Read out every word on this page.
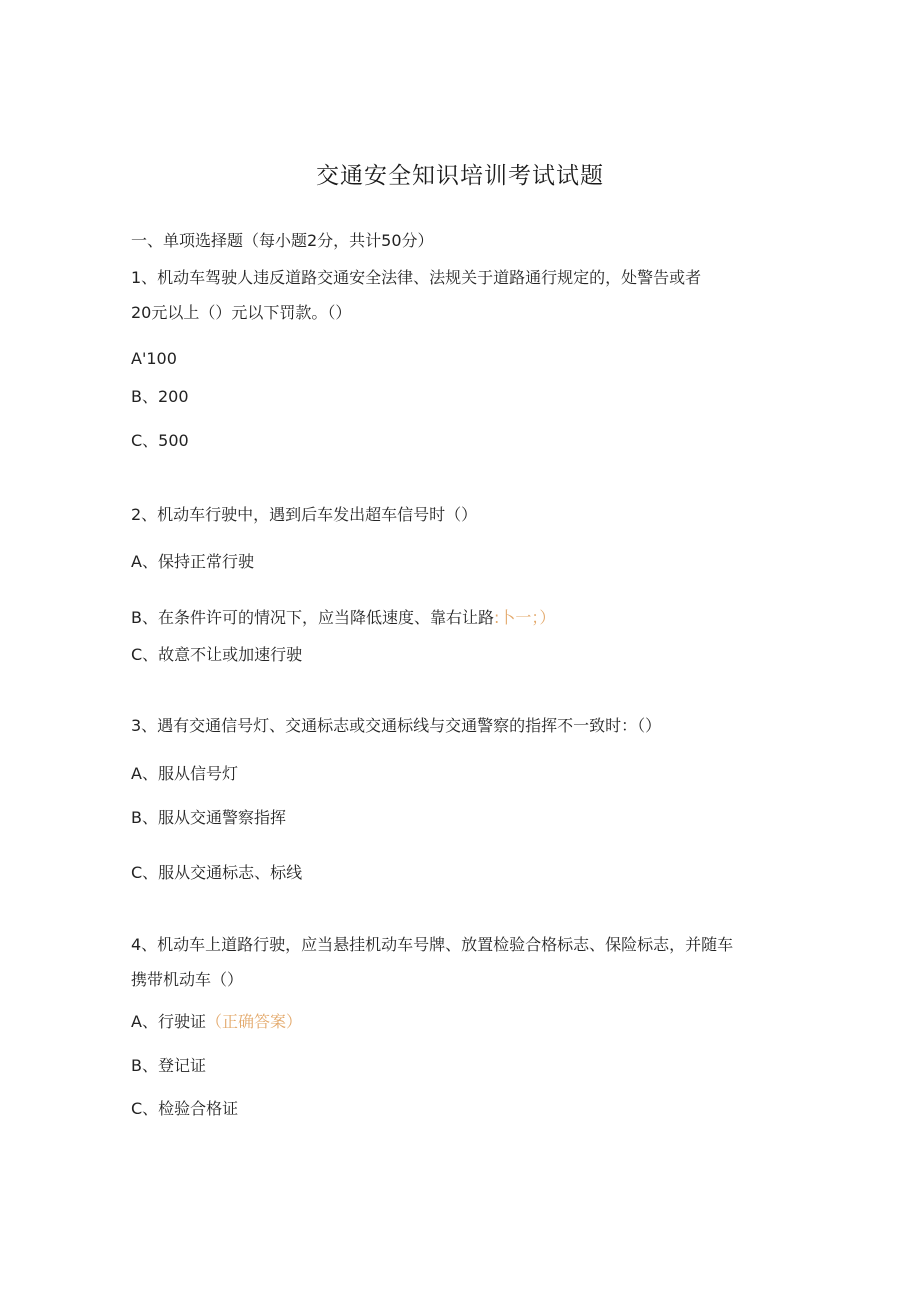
交通安全知识培训考试试题
一、单项选择题（每小题2分，共计50分）
1、机动车驾驶人违反道路交通安全法律、法规关于道路通行规定的，处警告或者
20元以上（）元以下罚款。（）
A'100
B、200
C、500
2、机动车行驶中，遇到后车发出超车信号时（）
A、保持正常行驶
B、在条件许可的情况下，应当降低速度、靠右让路:卜一；）
C、故意不让或加速行驶
3、遇有交通信号灯、交通标志或交通标线与交通警察的指挥不一致时：（）
A、服从信号灯
B、服从交通警察指挥
C、服从交通标志、标线
4、机动车上道路行驶，应当悬挂机动车号牌、放置检验合格标志、保险标志，并随车
携带机动车（）
A、行驶证（正确答案）
B、登记证
C、检验合格证
